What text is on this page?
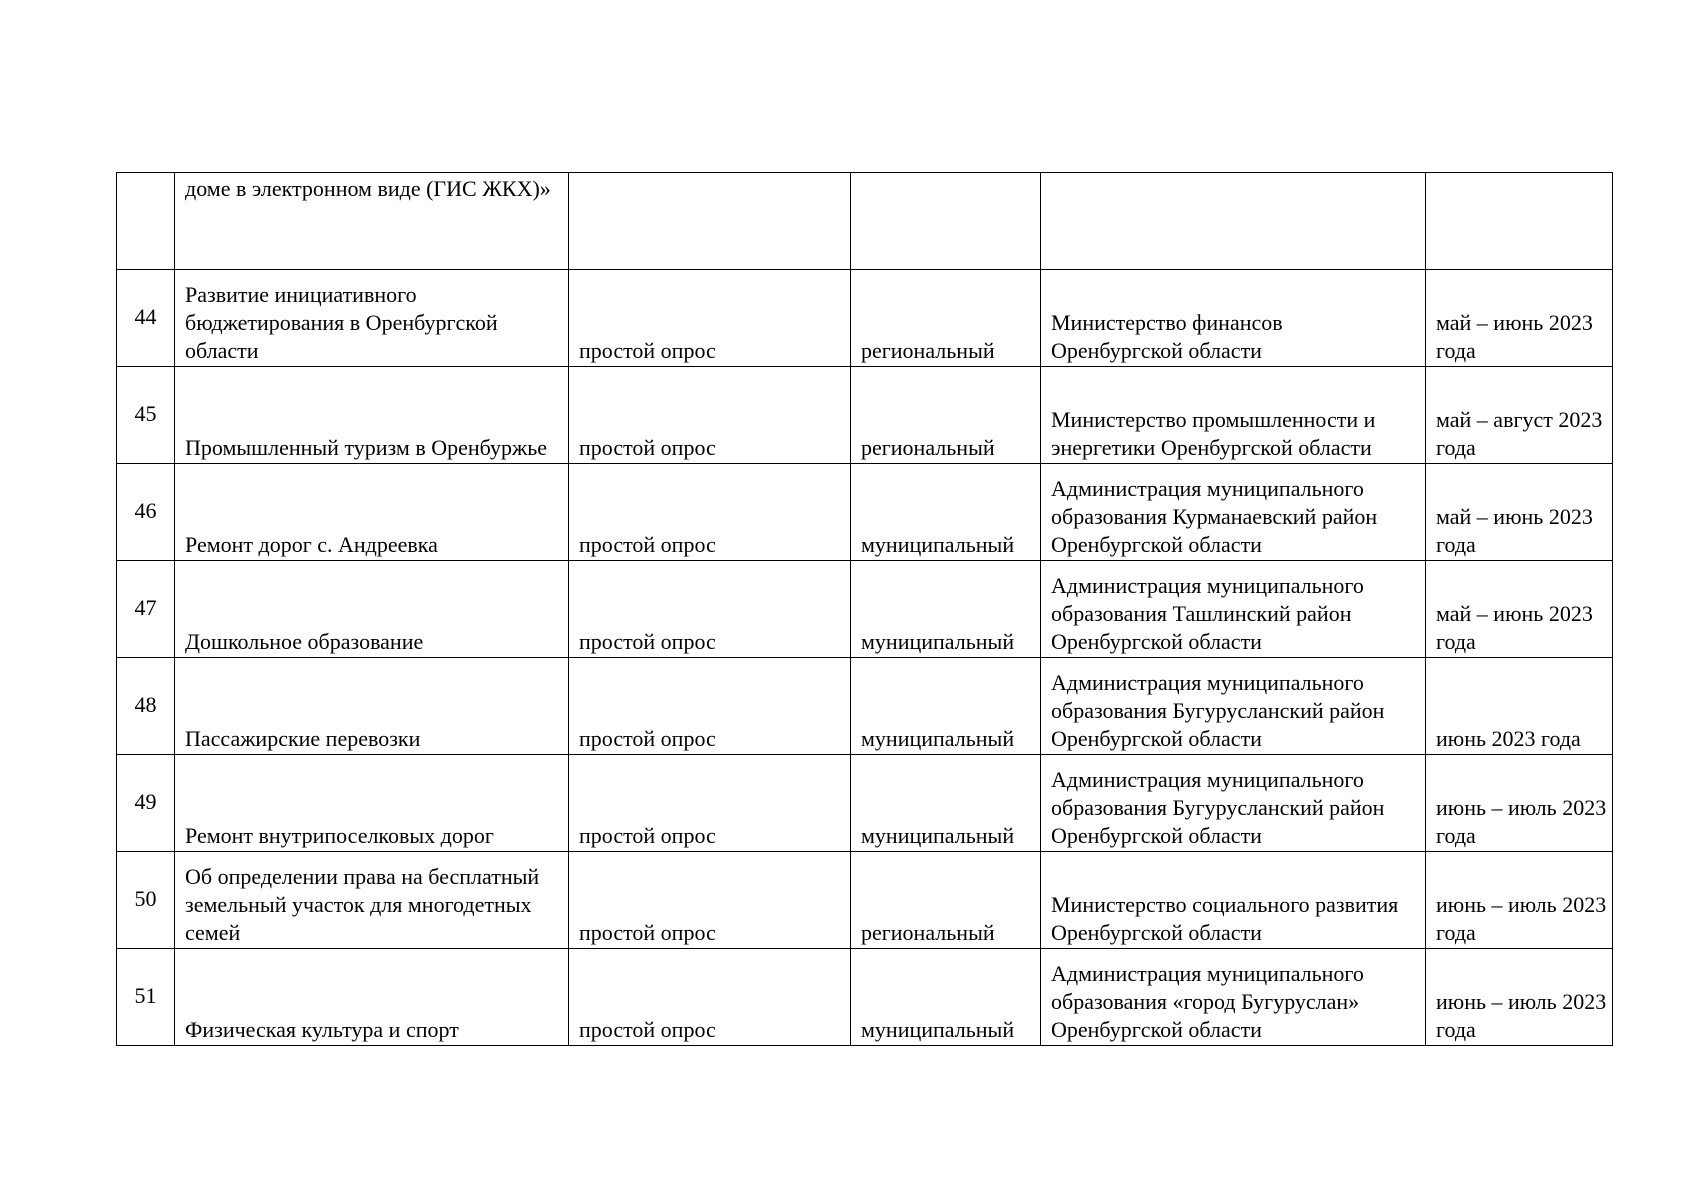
	доме в электронном виде (ГИС ЖКХ)»				
44	Развитие инициативного бюджетирования в Оренбургской области	простой опрос	региональный	Министерство финансов Оренбургской области	май – июнь 2023 года
45	Промышленный туризм в Оренбуржье	простой опрос	региональный	Министерство промышленности и энергетики Оренбургской области	май – август 2023 года
46	Ремонт дорог с. Андреевка	простой опрос	муниципальный	Администрация муниципального образования Курманаевский район Оренбургской области	май – июнь 2023 года
47	Дошкольное образование	простой опрос	муниципальный	Администрация муниципального образования Ташлинский район Оренбургской области	май – июнь 2023 года
48	Пассажирские перевозки	простой опрос	муниципальный	Администрация муниципального образования Бугурусланский район Оренбургской области	июнь 2023 года
49	Ремонт внутрипоселковых дорог	простой опрос	муниципальный	Администрация муниципального образования Бугурусланский район Оренбургской области	июнь – июль 2023 года
50	Об определении права на бесплатный земельный участок для многодетных семей	простой опрос	региональный	Министерство социального развития Оренбургской области	июнь – июль 2023 года
51	Физическая культура и спорт	простой опрос	муниципальный	Администрация муниципального образования «город Бугуруслан» Оренбургской области	июнь – июль 2023 года
